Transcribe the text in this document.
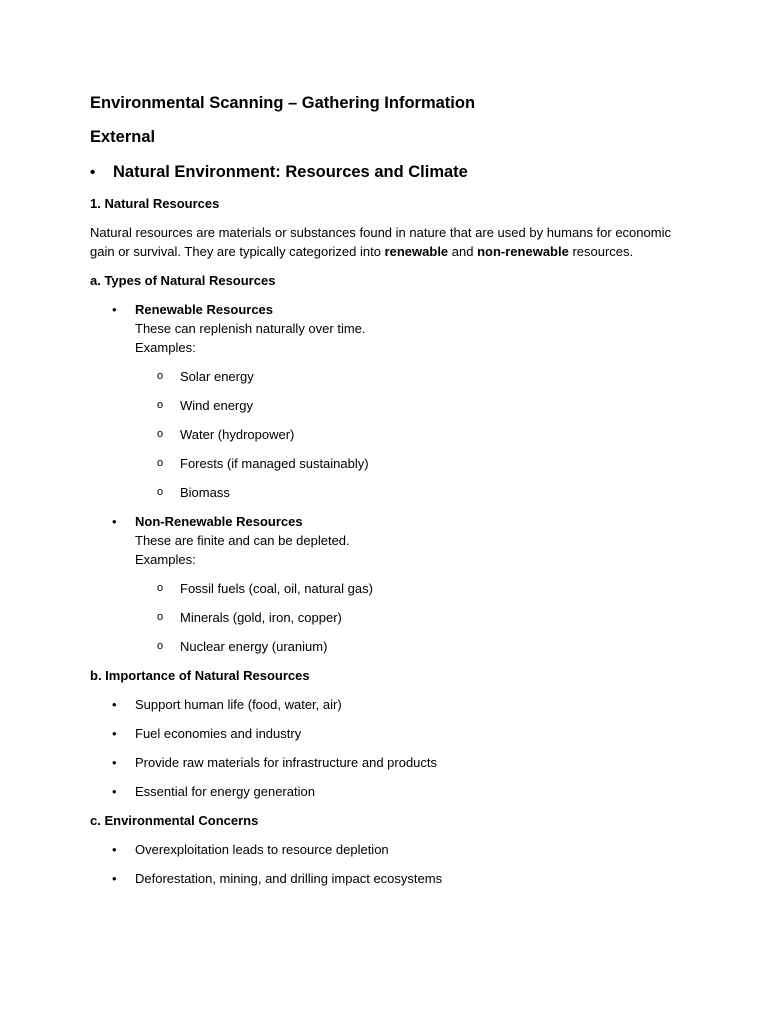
Environmental Scanning – Gathering Information
External
•	Natural Environment: Resources and Climate
1. Natural Resources
Natural resources are materials or substances found in nature that are used by humans for economic gain or survival. They are typically categorized into renewable and non-renewable resources.
a. Types of Natural Resources
• Renewable Resources
These can replenish naturally over time.
Examples:
o Solar energy
o Wind energy
o Water (hydropower)
o Forests (if managed sustainably)
o Biomass
• Non-Renewable Resources
These are finite and can be depleted.
Examples:
o Fossil fuels (coal, oil, natural gas)
o Minerals (gold, iron, copper)
o Nuclear energy (uranium)
b. Importance of Natural Resources
• Support human life (food, water, air)
• Fuel economies and industry
• Provide raw materials for infrastructure and products
• Essential for energy generation
c. Environmental Concerns
• Overexploitation leads to resource depletion
• Deforestation, mining, and drilling impact ecosystems
